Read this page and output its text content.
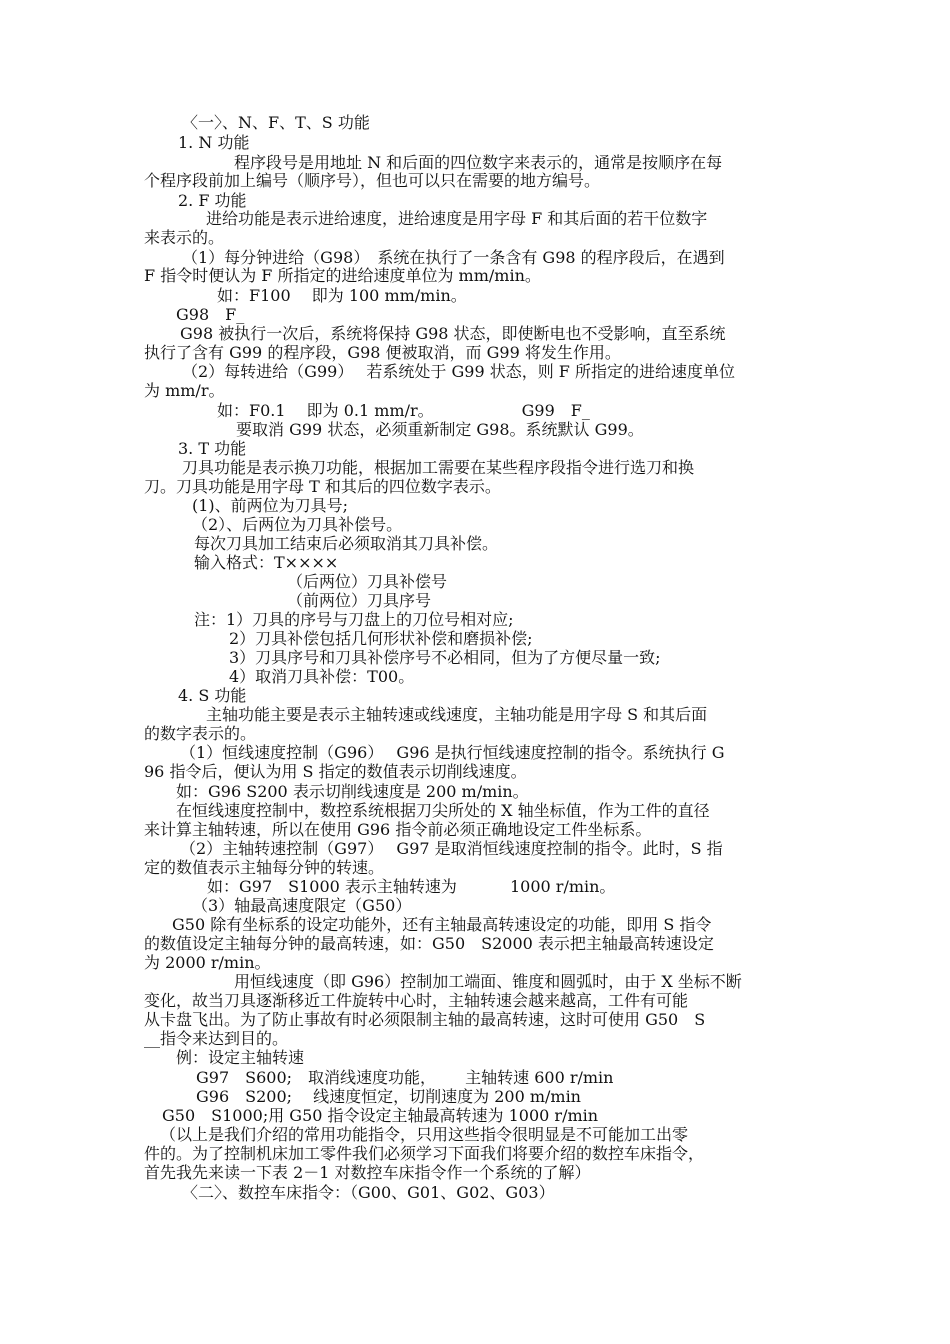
〈一〉、N、F、T、S 功能
1. N 功能
程序段号是用地址 N 和后面的四位数字来表示的，通常是按顺序在每
个程序段前加上编号（顺序号），但也可以只在需要的地方编号。
2. F 功能
进给功能是表示进给速度，进给速度是用字母 F 和其后面的若干位数字
来表示的。
（1）每分钟进给（G98）　系统在执行了一条含有 G98 的程序段后，在遇到
F 指令时便认为 F 所指定的进给速度单位为 mm/min。
如：F100　 即为 100 mm/min。
G98　F_
G98 被执行一次后，系统将保持 G98 状态，即使断电也不受影响，直至系统
执行了含有 G99 的程序段，G98 便被取消，而 G99 将发生作用。
（2）每转进给（G99）　 若系统处于 G99 状态，则 F 所指定的进给速度单位
为 mm/r。
如：F0.1　 即为 0.1 mm/r。　　　　　　G99　F_
要取消 G99 状态，必须重新制定 G98。系统默认 G99。
3. T 功能
刀具功能是表示换刀功能，根据加工需要在某些程序段指令进行选刀和换
刀。刀具功能是用字母 T 和其后的四位数字表示。
(1)、前两位为刀具号;
（2）、后两位为刀具补偿号。
每次刀具加工结束后必须取消其刀具补偿。
输入格式：T××××
（后两位）刀具补偿号
（前两位）刀具序号
注：1）刀具的序号与刀盘上的刀位号相对应;
2）刀具补偿包括几何形状补偿和磨损补偿;
3）刀具序号和刀具补偿序号不必相同，但为了方便尽量一致;
4）取消刀具补偿：T00。
4. S 功能
主轴功能主要是表示主轴转速或线速度，主轴功能是用字母 S 和其后面
的数字表示的。
（1）恒线速度控制（G96）　 G96 是执行恒线速度控制的指令。系统执行 G
96 指令后，便认为用 S 指定的数值表示切削线速度。
如：G96 S200 表示切削线速度是 200 m/min。
在恒线速度控制中，数控系统根据刀尖所处的 X 轴坐标值，作为工件的直径
来计算主轴转速，所以在使用 G96 指令前必须正确地设定工件坐标系。
（2）主轴转速控制（G97）　 G97 是取消恒线速度控制的指令。此时，S 指
定的数值表示主轴每分钟的转速。
如：G97　S1000 表示主轴转速为　　　 1000 r/min。
（3）轴最高速度限定（G50）
G50 除有坐标系的设定功能外，还有主轴最高转速设定的功能，即用 S 指令
的数值设定主轴每分钟的最高转速，如：G50　S2000 表示把主轴最高转速设定
为 2000 r/min。
用恒线速度（即 G96）控制加工端面、锥度和圆弧时，由于 X 坐标不断
变化，故当刀具逐渐移近工件旋转中心时，主轴转速会越来越高，工件有可能
从卡盘飞出。为了防止事故有时必须限制主轴的最高转速，这时可使用 G50　S
__指令来达到目的。
例：设定主轴转速
G97　S600;　取消线速度功能，　　 主轴转速 600 r/min
G96　S200;　 线速度恒定，切削速度为 200 m/min
G50　S1000;用 G50 指令设定主轴最高转速为 1000 r/min
（以上是我们介绍的常用功能指令，只用这些指令很明显是不可能加工出零
件的。为了控制机床加工零件我们必须学习下面我们将要介绍的数控车床指令，
首先我先来读一下表 2－1 对数控车床指令作一个系统的了解）
〈二〉、数控车床指令：（G00、G01、G02、G03）
